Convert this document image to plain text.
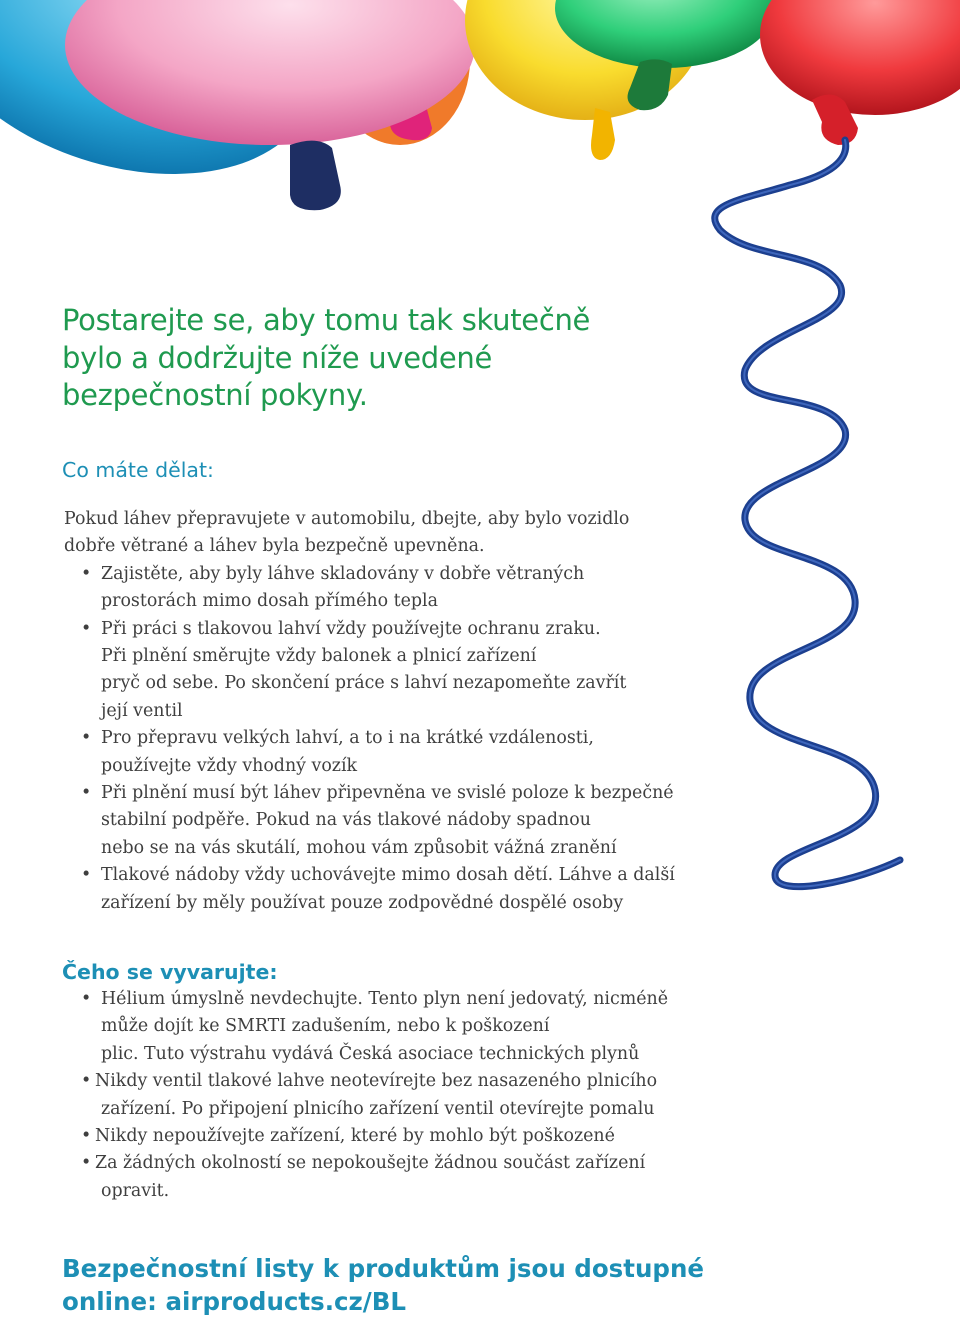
Postarejte se, aby tomu tak skutečně
bylo a dodržujte níže uvedené
bezpečnostní pokyny.
Co máte dělat:
Pokud láhev přepravujete v automobilu, dbejte, aby bylo vozidlo
dobře větrané a láhev byla bezpečně upevněna.
• Zajistěte, aby byly láhve skladovány v dobře větraných
prostorách mimo dosah přímého tepla
• Při práci s tlakovou lahví vždy používejte ochranu zraku.
Při plnění směrujte vždy balonek a plnicí zařízení
pryč od sebe. Po skončení práce s lahví nezapomeňte zavřít
její ventil
• Pro přepravu velkých lahví, a to i na krátké vzdálenosti,
používejte vždy vhodný vozík
• Při plnění musí být láhev připevněna ve svislé poloze k bezpečné
stabilní podpěře. Pokud na vás tlakové nádoby spadnou
nebo se na vás skutálí, mohou vám způsobit vážná zranění
• Tlakové nádoby vždy uchovávejte mimo dosah dětí. Láhve a další
zařízení by měly používat pouze zodpovědné dospělé osoby
Čeho se vyvarujte:
• Hélium úmyslně nevdechujte. Tento plyn není jedovatý, nicméně
může dojít ke SMRTI zadušením, nebo k poškození
plic. Tuto výstrahu vydává Česká asociace technických plynů
• Nikdy ventil tlakové lahve neotevírejte bez nasazeného plnicího
zařízení. Po připojení plnicího zařízení ventil otevírejte pomalu
• Nikdy nepoužívejte zařízení, které by mohlo být poškozené
• Za žádných okolností se nepokoušejte žádnou součást zařízení
opravit.

Bezpečnostní listy k produktům jsou dostupné
online: airproducts.cz/BL
